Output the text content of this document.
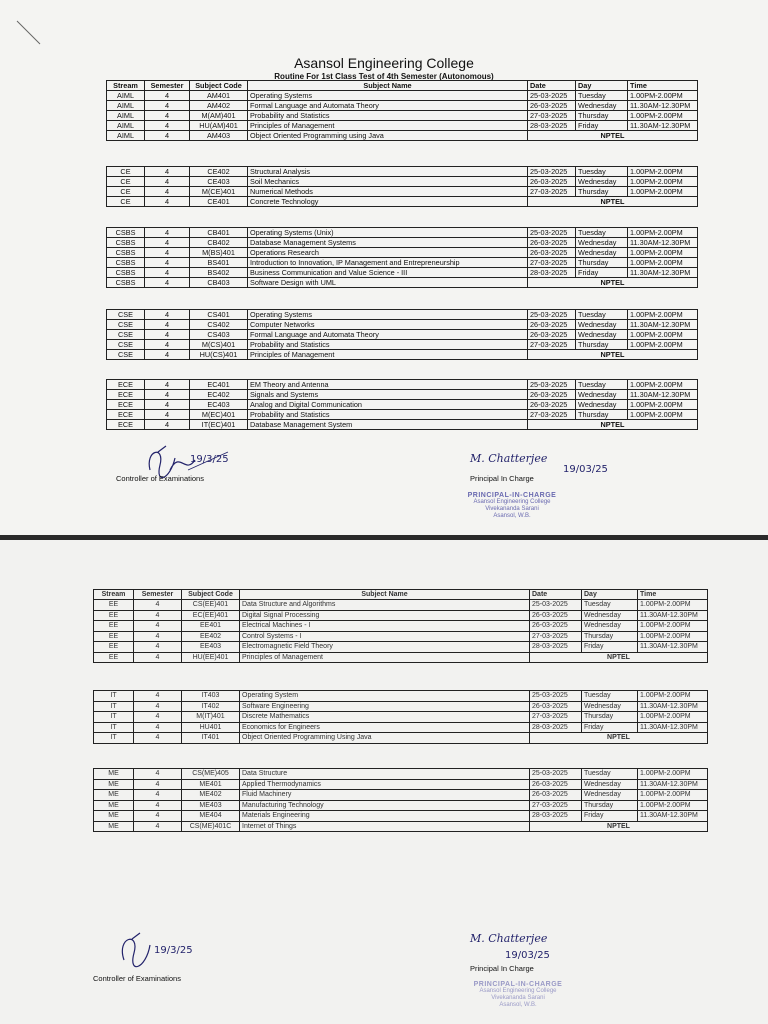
Asansol Engineering College
Routine For 1st Class Test of 4th Semester (Autonomous)
Stream	Semester	Subject Code	Subject Name	Date	Day	Time
AIML	4	AM401	Operating Systems	25-03-2025	Tuesday	1.00PM-2.00PM
AIML	4	AM402	Formal Language and Automata Theory	26-03-2025	Wednesday	11.30AM-12.30PM
AIML	4	M(AM)401	Probability and Statistics	27-03-2025	Thursday	1.00PM-2.00PM
AIML	4	HU(AM)401	Principles of Management	28-03-2025	Friday	11.30AM-12.30PM
AIML	4	AM403	Object Oriented Programming using Java	NPTEL		
CE	4	CE402	Structural Analysis	25-03-2025	Tuesday	1.00PM-2.00PM
CE	4	CE403	Soil Mechanics	26-03-2025	Wednesday	1.00PM-2.00PM
CE	4	M(CE)401	Numerical Methods	27-03-2025	Thursday	1.00PM-2.00PM
CE	4	CE401	Concrete Technology	NPTEL		
CSBS	4	CB401	Operating Systems (Unix)	25-03-2025	Tuesday	1.00PM-2.00PM
CSBS	4	CB402	Database Management Systems	26-03-2025	Wednesday	11.30AM-12.30PM
CSBS	4	M(BS)401	Operations Research	26-03-2025	Wednesday	1.00PM-2.00PM
CSBS	4	BS401	Introduction to Innovation, IP Management and Entrepreneurship	27-03-2025	Thursday	1.00PM-2.00PM
CSBS	4	BS402	Business Communication and Value Science - III	28-03-2025	Friday	11.30AM-12.30PM
CSBS	4	CB403	Software Design with UML	NPTEL		
CSE	4	CS401	Operating Systems	25-03-2025	Tuesday	1.00PM-2.00PM
CSE	4	CS402	Computer Networks	26-03-2025	Wednesday	11.30AM-12.30PM
CSE	4	CS403	Formal Language and Automata Theory	26-03-2025	Wednesday	1.00PM-2.00PM
CSE	4	M(CS)401	Probability and Statistics	27-03-2025	Thursday	1.00PM-2.00PM
CSE	4	HU(CS)401	Principles of Management	NPTEL		
ECE	4	EC401	EM Theory and Antenna	25-03-2025	Tuesday	1.00PM-2.00PM
ECE	4	EC402	Signals and Systems	26-03-2025	Wednesday	11.30AM-12.30PM
ECE	4	EC403	Analog and Digital Communication	26-03-2025	Wednesday	1.00PM-2.00PM
ECE	4	M(EC)401	Probability and Statistics	27-03-2025	Thursday	1.00PM-2.00PM
ECE	4	IT(EC)401	Database Management System	NPTEL		
19/3/25
Controller of Examinations
M. Chatterjee
19/03/25
Principal In Charge
PRINCIPAL-IN-CHARGE
Asansol Engineering College
Vivekananda Sarani
Asansol, W.B.
Stream	Semester	Subject Code	Subject Name	Date	Day	Time
EE	4	CS(EE)401	Data Structure and Algorithms	25-03-2025	Tuesday	1.00PM-2.00PM
EE	4	EC(EE)401	Digital Signal Processing	26-03-2025	Wednesday	11.30AM-12.30PM
EE	4	EE401	Electrical Machines - I	26-03-2025	Wednesday	1.00PM-2.00PM
EE	4	EE402	Control Systems - I	27-03-2025	Thursday	1.00PM-2.00PM
EE	4	EE403	Electromagnetic Field Theory	28-03-2025	Friday	11.30AM-12.30PM
EE	4	HU(EE)401	Principles of Management	NPTEL		
IT	4	IT403	Operating System	25-03-2025	Tuesday	1.00PM-2.00PM
IT	4	IT402	Software Engineering	26-03-2025	Wednesday	11.30AM-12.30PM
IT	4	M(IT)401	Discrete Mathematics	27-03-2025	Thursday	1.00PM-2.00PM
IT	4	HU401	Economics for Engineers	28-03-2025	Friday	11.30AM-12.30PM
IT	4	IT401	Object Oriented Programming Using Java	NPTEL		
ME	4	CS(ME)405	Data Structure	25-03-2025	Tuesday	1.00PM-2.00PM
ME	4	ME401	Applied Thermodynamics	26-03-2025	Wednesday	11.30AM-12.30PM
ME	4	ME402	Fluid Machinery	26-03-2025	Wednesday	1.00PM-2.00PM
ME	4	ME403	Manufacturing Technology	27-03-2025	Thursday	1.00PM-2.00PM
ME	4	ME404	Materials Engineering	28-03-2025	Friday	11.30AM-12.30PM
ME	4	CS(ME)401C	Internet of Things	NPTEL		
19/3/25
Controller of Examinations
M. Chatterjee
19/03/25
Principal In Charge
PRINCIPAL-IN-CHARGE
Asansol Engineering College
Vivekananda Sarani
Asansol, W.B.
